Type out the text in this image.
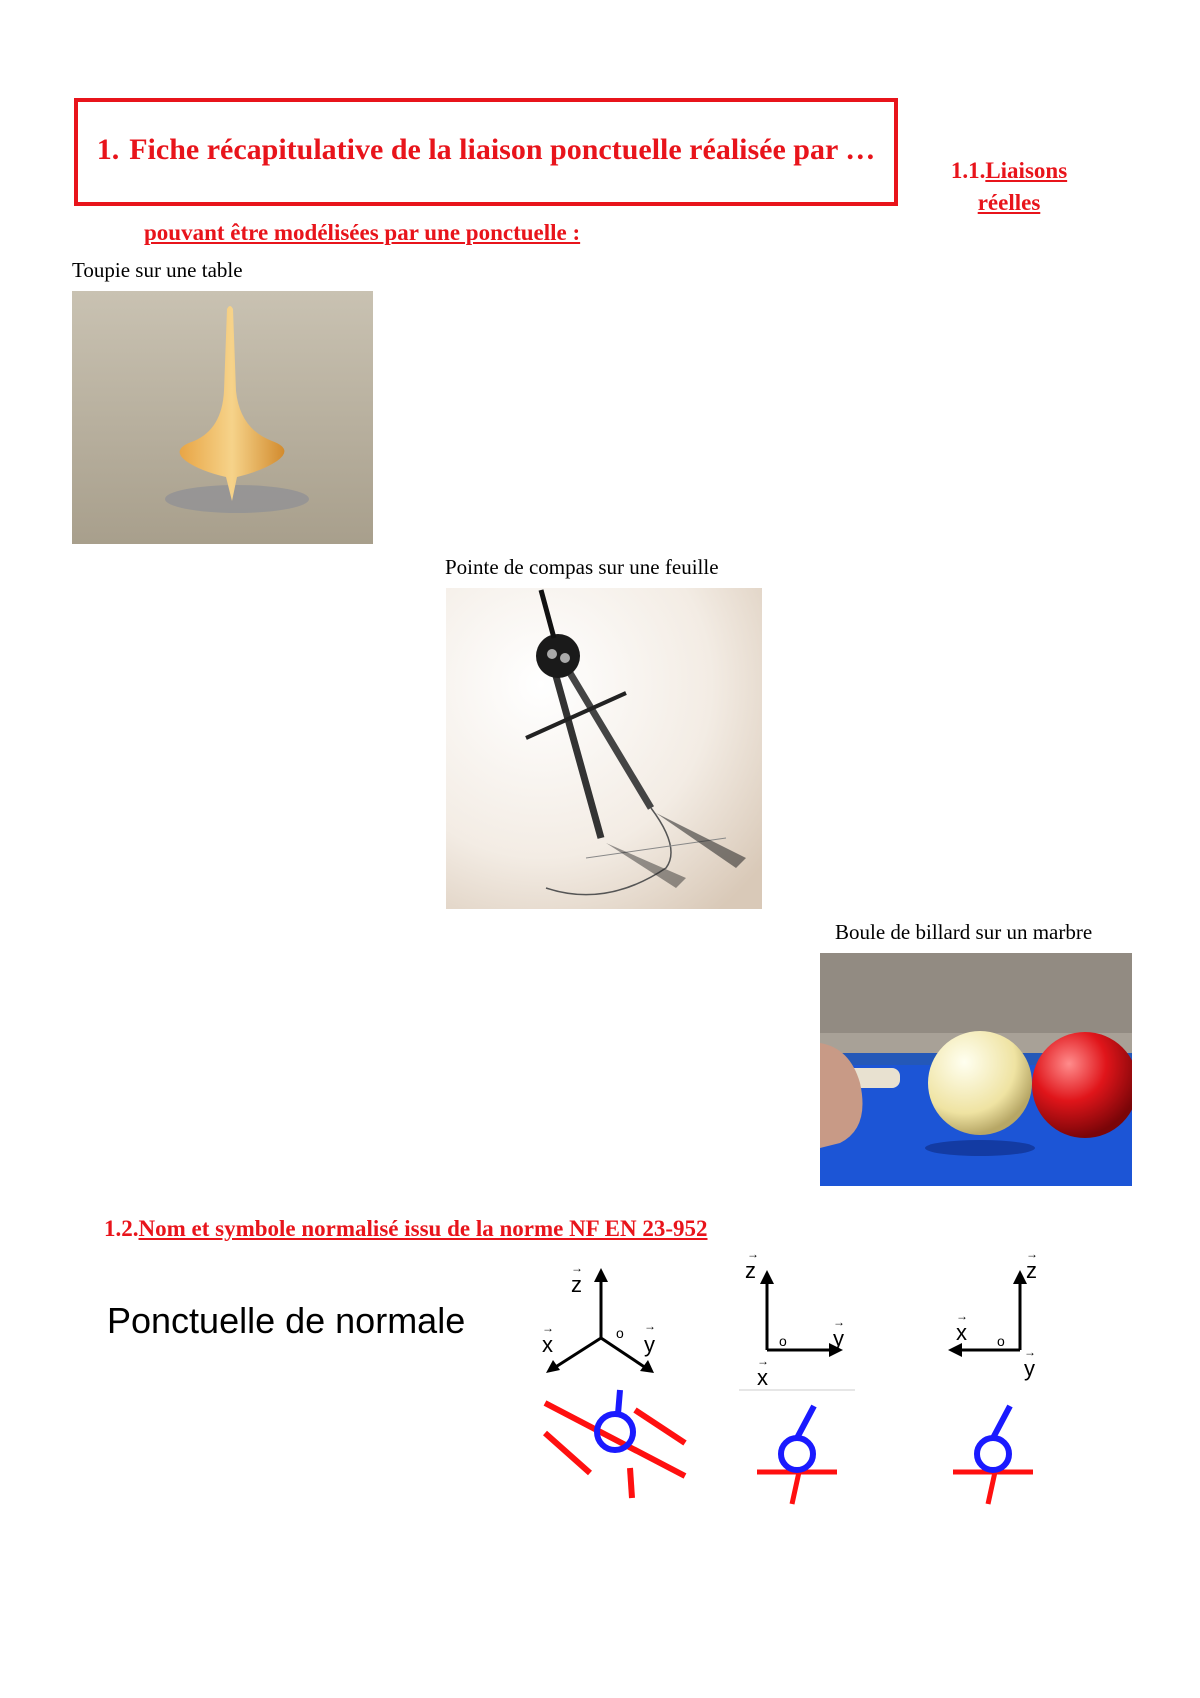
1. Fiche récapitulative de la liaison ponctuelle réalisée par …
1.1.Liaisons réelles
pouvant être modélisées par une ponctuelle :
Toupie sur une table
Pointe de compas sur une feuille
Boule de billard sur un marbre
1.2.Nom et symbole normalisé issu de la norme NF EN 23-952
Ponctuelle de normale
→
z
→
x
→
y
o
→
z
→
y
o
→
x
→
z
→
x o
→
y
